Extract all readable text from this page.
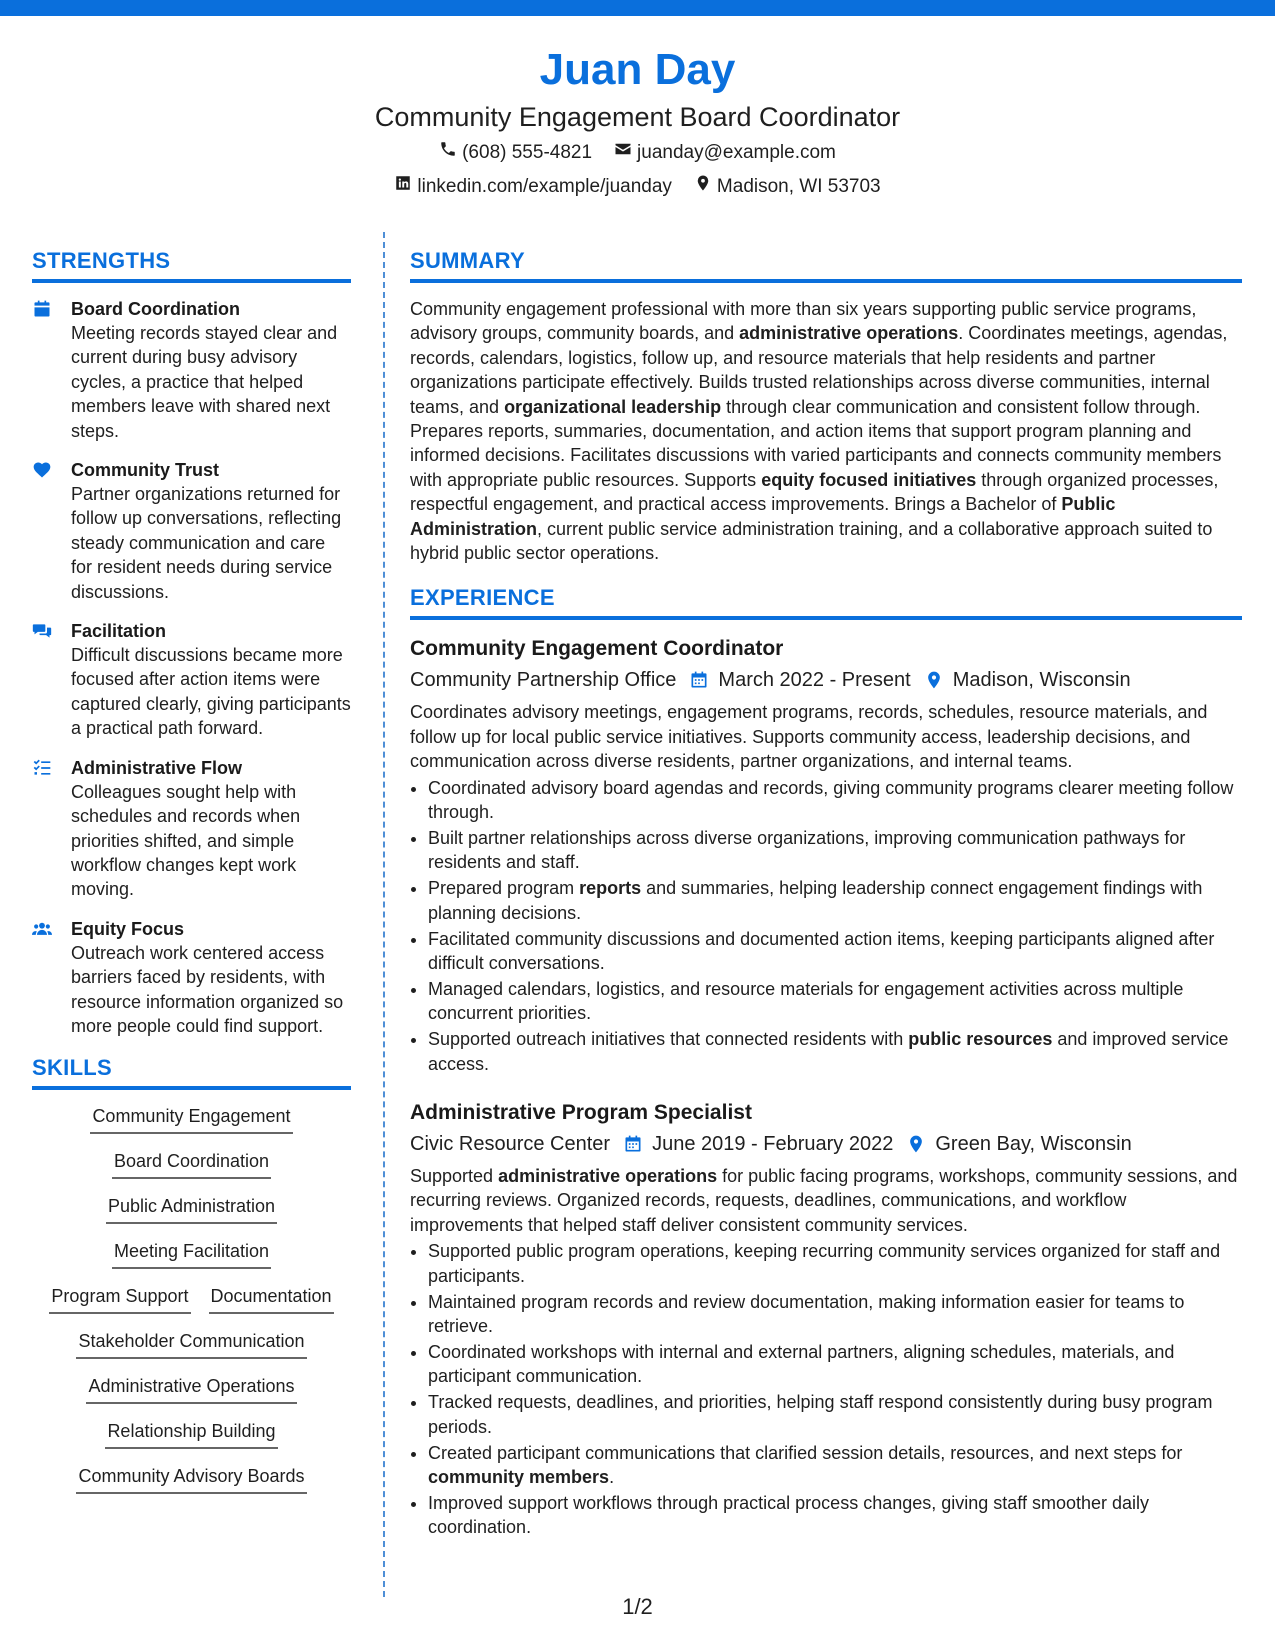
Juan Day
Community Engagement Board Coordinator
(608) 555-4821 juanday@example.com
linkedin.com/example/juanday Madison, WI 53703
STRENGTHS
Board Coordination
Meeting records stayed clear and current during busy advisory cycles, a practice that helped members leave with shared next steps.
Community Trust
Partner organizations returned for follow up conversations, reflecting steady communication and care for resident needs during service discussions.
Facilitation
Difficult discussions became more focused after action items were captured clearly, giving participants a practical path forward.
Administrative Flow
Colleagues sought help with schedules and records when priorities shifted, and simple workflow changes kept work moving.
Equity Focus
Outreach work centered access barriers faced by residents, with resource information organized so more people could find support.
SKILLS
Community Engagement
Board Coordination
Public Administration
Meeting Facilitation
Program Support Documentation
Stakeholder Communication
Administrative Operations
Relationship Building
Community Advisory Boards
SUMMARY
Community engagement professional with more than six years supporting public service programs, advisory groups, community boards, and administrative operations. Coordinates meetings, agendas, records, calendars, logistics, follow up, and resource materials that help residents and partner organizations participate effectively. Builds trusted relationships across diverse communities, internal teams, and organizational leadership through clear communication and consistent follow through. Prepares reports, summaries, documentation, and action items that support program planning and informed decisions. Facilitates discussions with varied participants and connects community members with appropriate public resources. Supports equity focused initiatives through organized processes, respectful engagement, and practical access improvements. Brings a Bachelor of Public Administration, current public service administration training, and a collaborative approach suited to hybrid public sector operations.
EXPERIENCE
Community Engagement Coordinator
Community Partnership Office March 2022 - Present Madison, Wisconsin
Coordinates advisory meetings, engagement programs, records, schedules, resource materials, and follow up for local public service initiatives. Supports community access, leadership decisions, and communication across diverse residents, partner organizations, and internal teams.
• Coordinated advisory board agendas and records, giving community programs clearer meeting follow through.
• Built partner relationships across diverse organizations, improving communication pathways for residents and staff.
• Prepared program reports and summaries, helping leadership connect engagement findings with planning decisions.
• Facilitated community discussions and documented action items, keeping participants aligned after difficult conversations.
• Managed calendars, logistics, and resource materials for engagement activities across multiple concurrent priorities.
• Supported outreach initiatives that connected residents with public resources and improved service access.
Administrative Program Specialist
Civic Resource Center June 2019 - February 2022 Green Bay, Wisconsin
Supported administrative operations for public facing programs, workshops, community sessions, and recurring reviews. Organized records, requests, deadlines, communications, and workflow improvements that helped staff deliver consistent community services.
• Supported public program operations, keeping recurring community services organized for staff and participants.
• Maintained program records and review documentation, making information easier for teams to retrieve.
• Coordinated workshops with internal and external partners, aligning schedules, materials, and participant communication.
• Tracked requests, deadlines, and priorities, helping staff respond consistently during busy program periods.
• Created participant communications that clarified session details, resources, and next steps for community members.
• Improved support workflows through practical process changes, giving staff smoother daily coordination.
1/2
